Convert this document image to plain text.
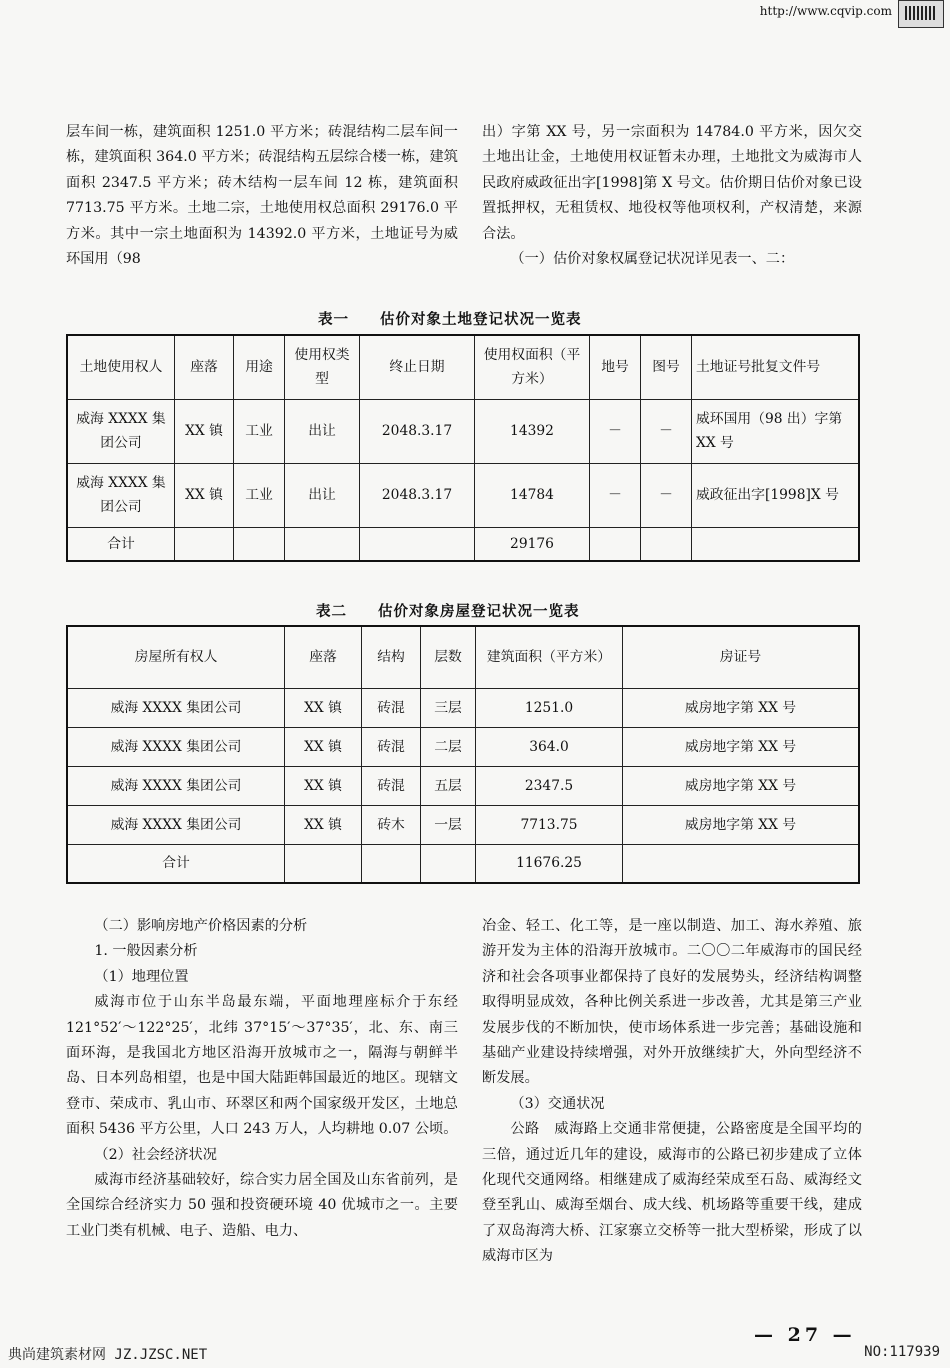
http://www.cqvip.com

层车间一栋，建筑面积 1251.0 平方米；砖混结构二层车间一栋，建筑面积 364.0 平方米；砖混结构五层综合楼一栋，建筑面积 2347.5 平方米；砖木结构一层车间 12 栋，建筑面积 7713.75 平方米。土地二宗，土地使用权总面积 29176.0 平方米。其中一宗土地面积为 14392.0 平方米，土地证号为威环国用（98

出）字第 XX 号，另一宗面积为 14784.0 平方米，因欠交土地出让金，土地使用权证暂未办理，土地批文为威海市人民政府威政征出字[1998]第 X 号文。估价期日估价对象已设置抵押权，无租赁权、地役权等他项权利，产权清楚，来源合法。

（一）估价对象权属登记状况详见表一、二：

表一　　估价对象土地登记状况一览表
土地使用权人	座落	用途	使用权类型	终止日期	使用权面积（平方米）	地号	图号	土地证号批复文件号
威海 XXXX 集团公司	XX 镇	工业	出让	2048.3.17	14392	－	－	威环国用（98 出）字第 XX 号
威海 XXXX 集团公司	XX 镇	工业	出让	2048.3.17	14784	－	－	威政征出字[1998]X 号
合计					29176			
表二　　估价对象房屋登记状况一览表
房屋所有权人	座落	结构	层数	建筑面积（平方米）	房证号
威海 XXXX 集团公司	XX 镇	砖混	三层	1251.0	威房地字第 XX 号
威海 XXXX 集团公司	XX 镇	砖混	二层	364.0	威房地字第 XX 号
威海 XXXX 集团公司	XX 镇	砖混	五层	2347.5	威房地字第 XX 号
威海 XXXX 集团公司	XX 镇	砖木	一层	7713.75	威房地字第 XX 号
合计				11676.25	

（二）影响房地产价格因素的分析

1. 一般因素分析

（1）地理位置

威海市位于山东半岛最东端，平面地理座标介于东经 121°52′～122°25′，北纬 37°15′～37°35′，北、东、南三面环海，是我国北方地区沿海开放城市之一，隔海与朝鲜半岛、日本列岛相望，也是中国大陆距韩国最近的地区。现辖文登市、荣成市、乳山市、环翠区和两个国家级开发区，土地总面积 5436 平方公里，人口 243 万人，人均耕地 0.07 公顷。

（2）社会经济状况

威海市经济基础较好，综合实力居全国及山东省前列，是全国综合经济实力 50 强和投资硬环境 40 优城市之一。主要工业门类有机械、电子、造船、电力、

冶金、轻工、化工等，是一座以制造、加工、海水养殖、旅游开发为主体的沿海开放城市。二〇〇二年威海市的国民经济和社会各项事业都保持了良好的发展势头，经济结构调整取得明显成效，各种比例关系进一步改善，尤其是第三产业发展步伐的不断加快，使市场体系进一步完善；基础设施和基础产业建设持续增强，对外开放继续扩大，外向型经济不断发展。

（3）交通状况

公路　威海路上交通非常便捷，公路密度是全国平均的三倍，通过近几年的建设，威海市的公路已初步建成了立体化现代交通网络。相继建成了威海经荣成至石岛、威海经文登至乳山、威海至烟台、成大线、机场路等重要干线，建成了双岛海湾大桥、江家寨立交桥等一批大型桥梁，形成了以威海市区为

— 27 —
典尚建筑素材网 JZ.JZSC.NET	NO:117939
